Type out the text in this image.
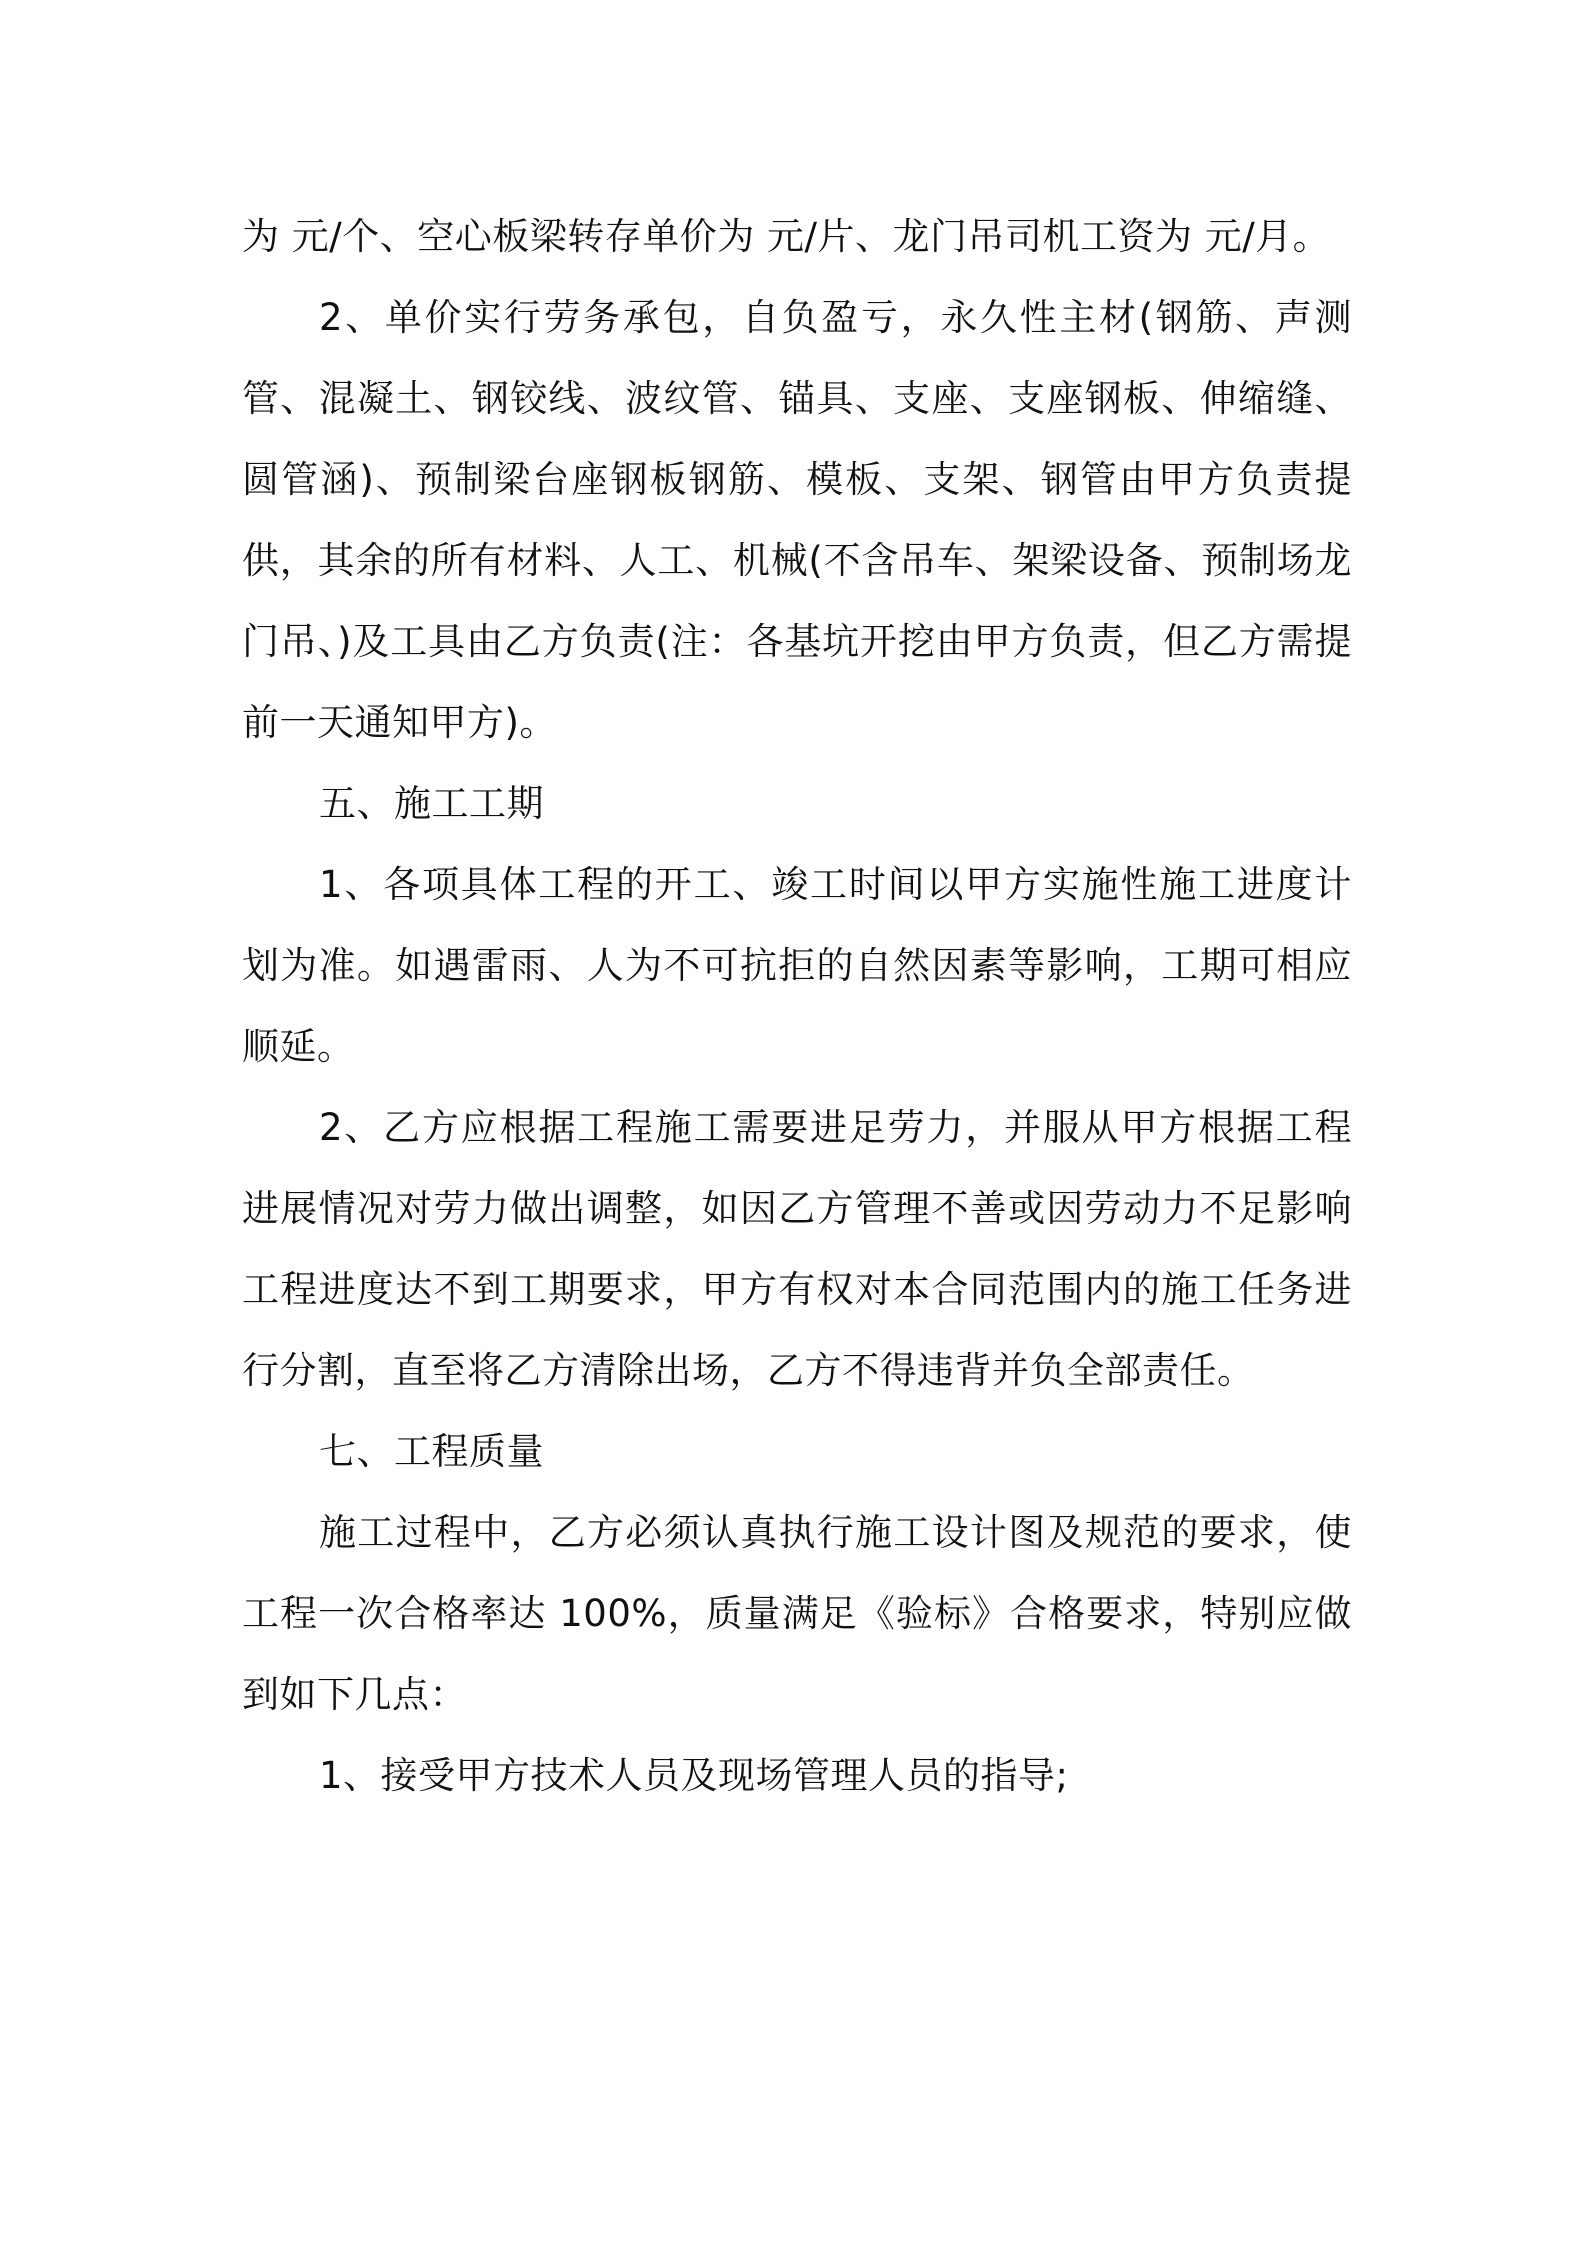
为 元/个、空心板梁转存单价为 元/片、龙门吊司机工资为 元/月。

2、单价实行劳务承包，自负盈亏，永久性主材(钢筋、声测管、混凝土、钢铰线、波纹管、锚具、支座、支座钢板、伸缩缝、圆管涵)、预制梁台座钢板钢筋、模板、支架、钢管由甲方负责提供，其余的所有材料、人工、机械(不含吊车、架梁设备、预制场龙门吊、)及工具由乙方负责(注：各基坑开挖由甲方负责，但乙方需提前一天通知甲方)。

五、施工工期

1、各项具体工程的开工、竣工时间以甲方实施性施工进度计划为准。如遇雷雨、人为不可抗拒的自然因素等影响，工期可相应顺延。

2、乙方应根据工程施工需要进足劳力，并服从甲方根据工程进展情况对劳力做出调整，如因乙方管理不善或因劳动力不足影响工程进度达不到工期要求，甲方有权对本合同范围内的施工任务进行分割，直至将乙方清除出场，乙方不得违背并负全部责任。

七、工程质量

施工过程中，乙方必须认真执行施工设计图及规范的要求，使工程一次合格率达 100%，质量满足《验标》合格要求，特别应做到如下几点：

1、接受甲方技术人员及现场管理人员的指导;
